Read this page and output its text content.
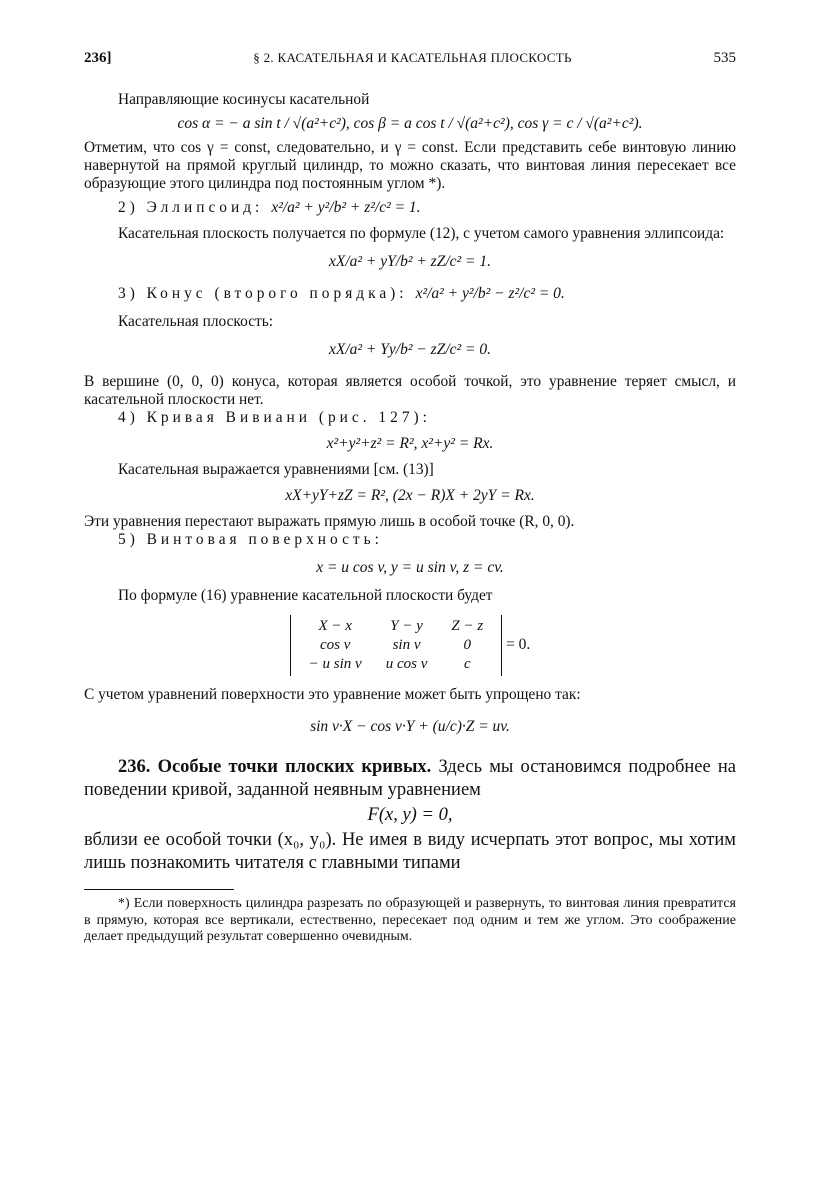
236]	§ 2. КАСАТЕЛЬНАЯ И КАСАТЕЛЬНАЯ ПЛОСКОСТЬ	535

Направляющие косинусы касательной

cos α = − a sin t / √(a²+c²), cos β = a cos t / √(a²+c²), cos γ = c / √(a²+c²).

Отметим, что cos γ = const, следовательно, и γ = const. Если представить себе винтовую линию навернутой на прямой круглый цилиндр, то можно сказать, что винтовая линия пересекает все образующие этого цилиндра под постоянным углом *).

2) Эллипсоид: x²/a² + y²/b² + z²/c² = 1.

Касательная плоскость получается по формуле (12), с учетом самого уравнения эллипсоида:

xX/a² + yY/b² + zZ/c² = 1.
3) Конус (второго порядка): x²/a² + y²/b² − z²/c² = 0.

Касательная плоскость:

xX/a² + Yy/b² − zZ/c² = 0.

В вершине (0, 0, 0) конуса, которая является особой точкой, это уравнение теряет смысл, и касательной плоскости нет.

4) Кривая Вивиани (рис. 127):

x²+y²+z² = R², x²+y² = Rx.

Касательная выражается уравнениями [см. (13)]

xX+yY+zZ = R², (2x − R)X + 2yY = Rx.

Эти уравнения перестают выражать прямую лишь в особой точке (R, 0, 0).

5) Винтовая поверхность:

x = u cos v, y = u sin v, z = cv.

По формуле (16) уравнение касательной плоскости будет

X − x	Y − y	Z − z
cos v	sin v	0
− u sin v	u cos v	c
= 0.

С учетом уравнений поверхности это уравнение может быть упрощено так:

sin v·X − cos v·Y + (u/c)·Z = uv.

236. Особые точки плоских кривых. Здесь мы остановимся подробнее на поведении кривой, заданной неявным уравнением

F(x, y) = 0,

вблизи ее особой точки (x₀, y₀). Не имея в виду исчерпать этот вопрос, мы хотим лишь познакомить читателя с главными типами

*) Если поверхность цилиндра разрезать по образующей и развернуть, то винтовая линия превратится в прямую, которая все вертикали, естественно, пересекает под одним и тем же углом. Это соображение делает предыдущий результат совершенно очевидным.
